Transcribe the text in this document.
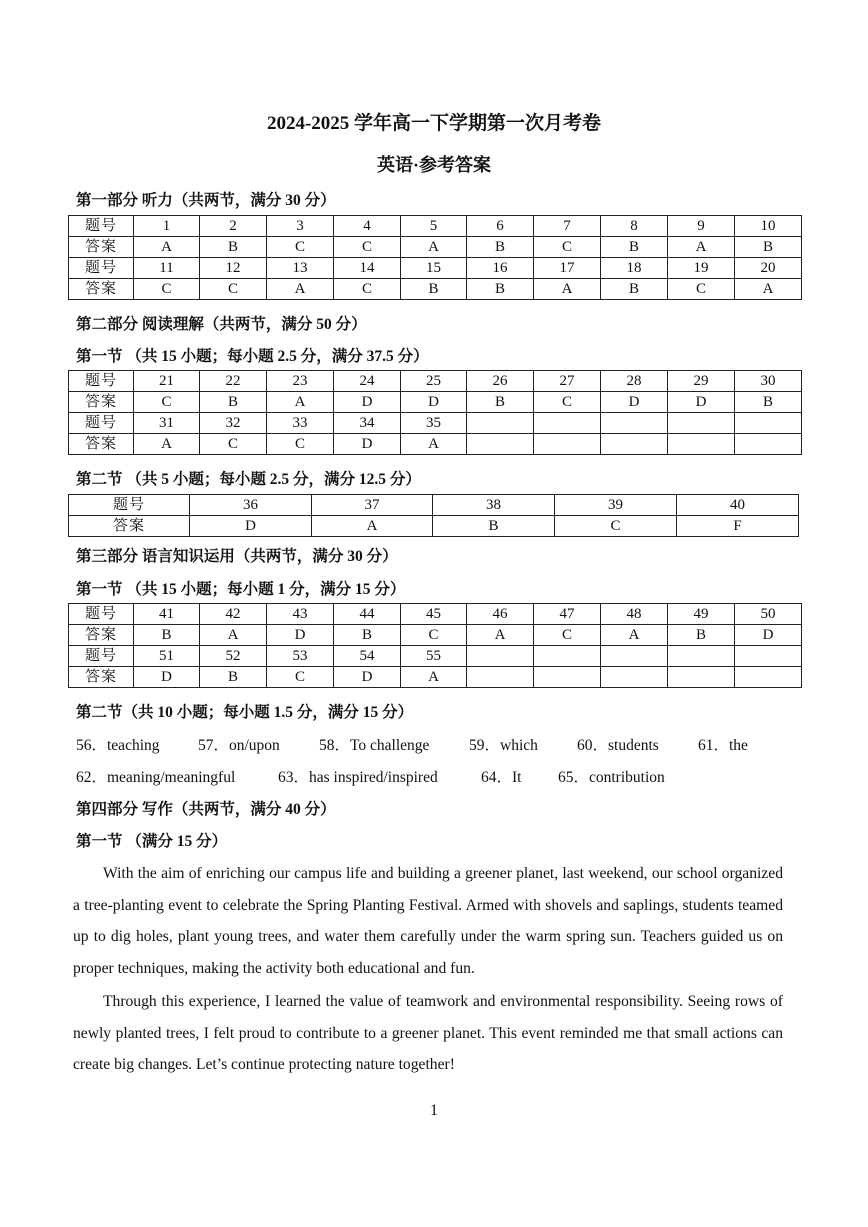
2024-2025 学年高一下学期第一次月考卷
英语·参考答案
第一部分 听力（共两节，满分 30 分）
题号	1	2	3	4	5	6	7	8	9	10
答案	A	B	C	C	A	B	C	B	A	B
题号	11	12	13	14	15	16	17	18	19	20
答案	C	C	A	C	B	B	A	B	C	A
第二部分 阅读理解（共两节，满分 50 分）
第一节 （共 15 小题；每小题 2.5 分，满分 37.5 分）
题号	21	22	23	24	25	26	27	28	29	30
答案	C	B	A	D	D	B	C	D	D	B
题号	31	32	33	34	35					
答案	A	C	C	D	A					
第二节 （共 5 小题；每小题 2.5 分，满分 12.5 分）
题号	36	37	38	39	40
答案	D	A	B	C	F
第三部分 语言知识运用（共两节，满分 30 分）
第一节 （共 15 小题；每小题 1 分，满分 15 分）
题号	41	42	43	44	45	46	47	48	49	50
答案	B	A	D	B	C	A	C	A	B	D
题号	51	52	53	54	55					
答案	D	B	C	D	A					
第二节（共 10 小题；每小题 1.5 分，满分 15 分）
56．teaching 57．on/upon	58．To challenge	59．which	60．students	61．the
62．meaning/meaningful	63．has inspired/inspired	64．It 65．contribution
第四部分 写作（共两节，满分 40 分）
第一节 （满分 15 分）

With the aim of enriching our campus life and building a greener planet, last weekend, our school organized a tree-planting event to celebrate the Spring Planting Festival. Armed with shovels and saplings, students teamed up to dig holes, plant young trees, and water them carefully under the warm spring sun. Teachers guided us on proper techniques, making the activity both educational and fun.

Through this experience, I learned the value of teamwork and environmental responsibility. Seeing rows of newly planted trees, I felt proud to contribute to a greener planet. This event reminded me that small actions can create big changes. Let’s continue protecting nature together!

1
